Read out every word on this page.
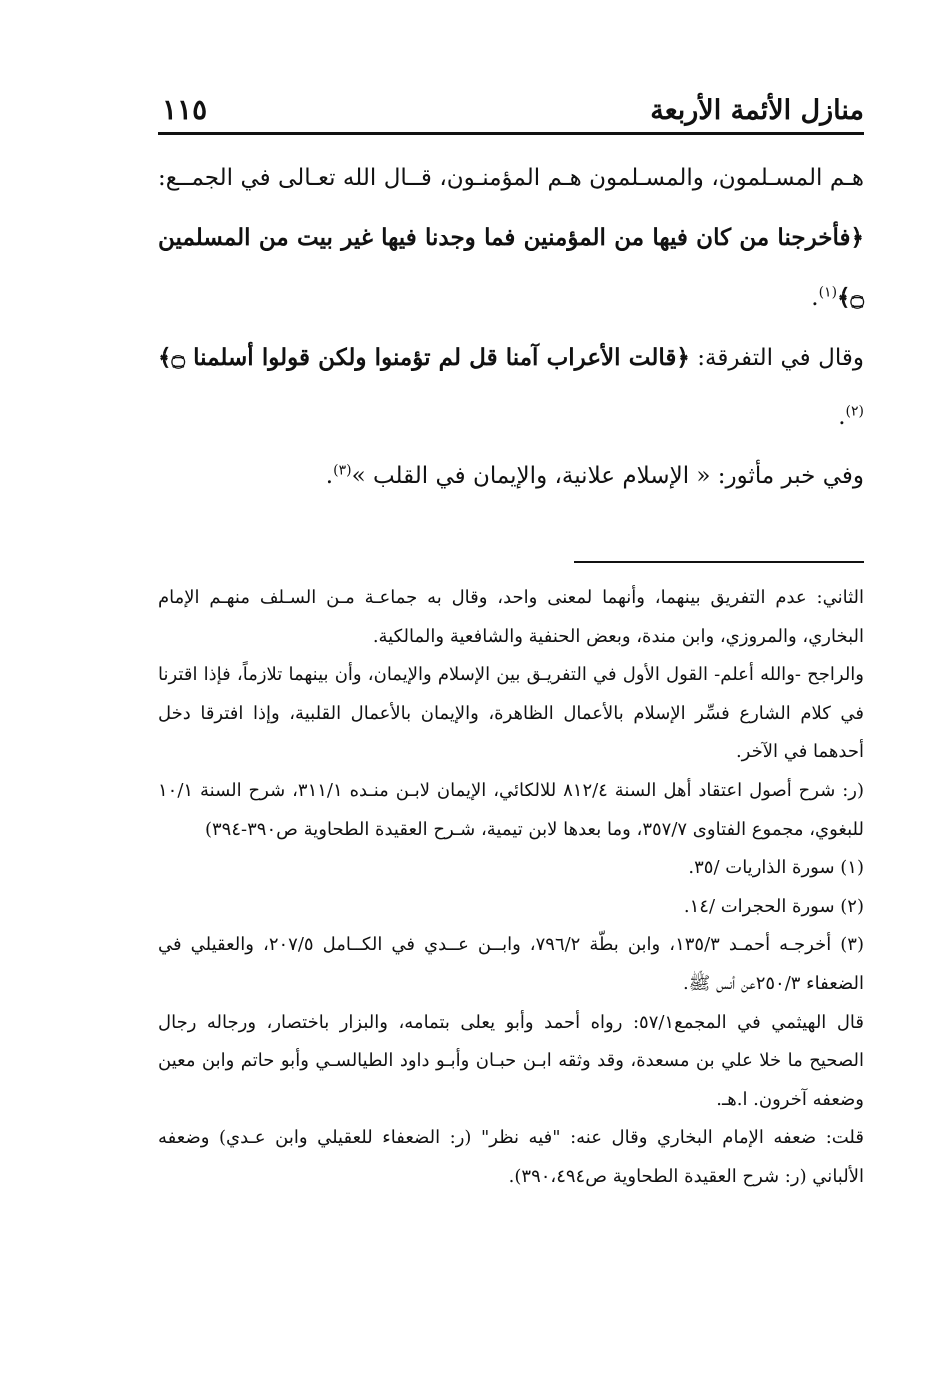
منازل الأئمة الأربعة
١١٥

هـم المسـلمون، والمسـلمون هـم المؤمنـون، قــال الله تعـالى في الجمــع: ﴿فأخرجنا من كان فيها من المؤمنين فما وجدنا فيها غير بيت من المسلمين ۝﴾$^{(١)}$.

وقال في التفرقة: ﴿قالت الأعراب آمنا قل لم تؤمنوا ولكن قولوا أسلمنا ۝﴾$^{(٢)}$.

وفي خبر مأثور: « الإسلام علانية، والإيمان في القلب »$^{(٣)}$.

الثاني: عدم التفريق بينهما، وأنهما لمعنى واحد، وقال به جماعـة مـن السـلف منهـم الإمام البخاري، والمروزي، وابن مندة، وبعض الحنفية والشافعية والمالكية.

والراجح -والله أعلم- القول الأول في التفريـق بين الإسلام والإيمان، وأن بينهما تلازماً، فإذا اقترنا في كلام الشارع فسِّر الإسلام بالأعمال الظاهرة، والإيمان بالأعمال القلبية، وإذا افترقا دخل أحدهما في الآخر.

(ر: شرح أصول اعتقاد أهل السنة ٨١٢/٤ للالكائي، الإيمان لابـن منـده ٣١١/١، شرح السنة ١٠/١ للبغوي، مجموع الفتاوى ٣٥٧/٧، وما بعدها لابن تيمية، شـرح العقيدة الطحاوية ص٣٩٠-٣٩٤)

(١) سورة الذاريات /٣٥.

(٢) سورة الحجرات /١٤.

(٣) أخرجـه أحمـد ١٣٥/٣، وابن بطّة ٧٩٦/٢، وابــن عــدي في الكــامل ٢٠٧/٥، والعقيلي في الضعفاء ٢٥٠/٣عن أنس ﷺ.

قال الهيثمي في المجمع٥٧/١: رواه أحمد وأبو يعلى بتمامه، والبزار باختصار، ورجاله رجال الصحيح ما خلا علي بن مسعدة، وقد وثقه ابـن حبـان وأبـو داود الطيالسـي وأبو حاتم وابن معين وضعفه آخرون. ا.هـ.

قلت: ضعفه الإمام البخاري وقال عنه: "فيه نظر" (ر: الضعفاء للعقيلي وابن عـدي) وضعفه الألباني (ر: شرح العقيدة الطحاوية ص٣٩٠،٤٩٤).
